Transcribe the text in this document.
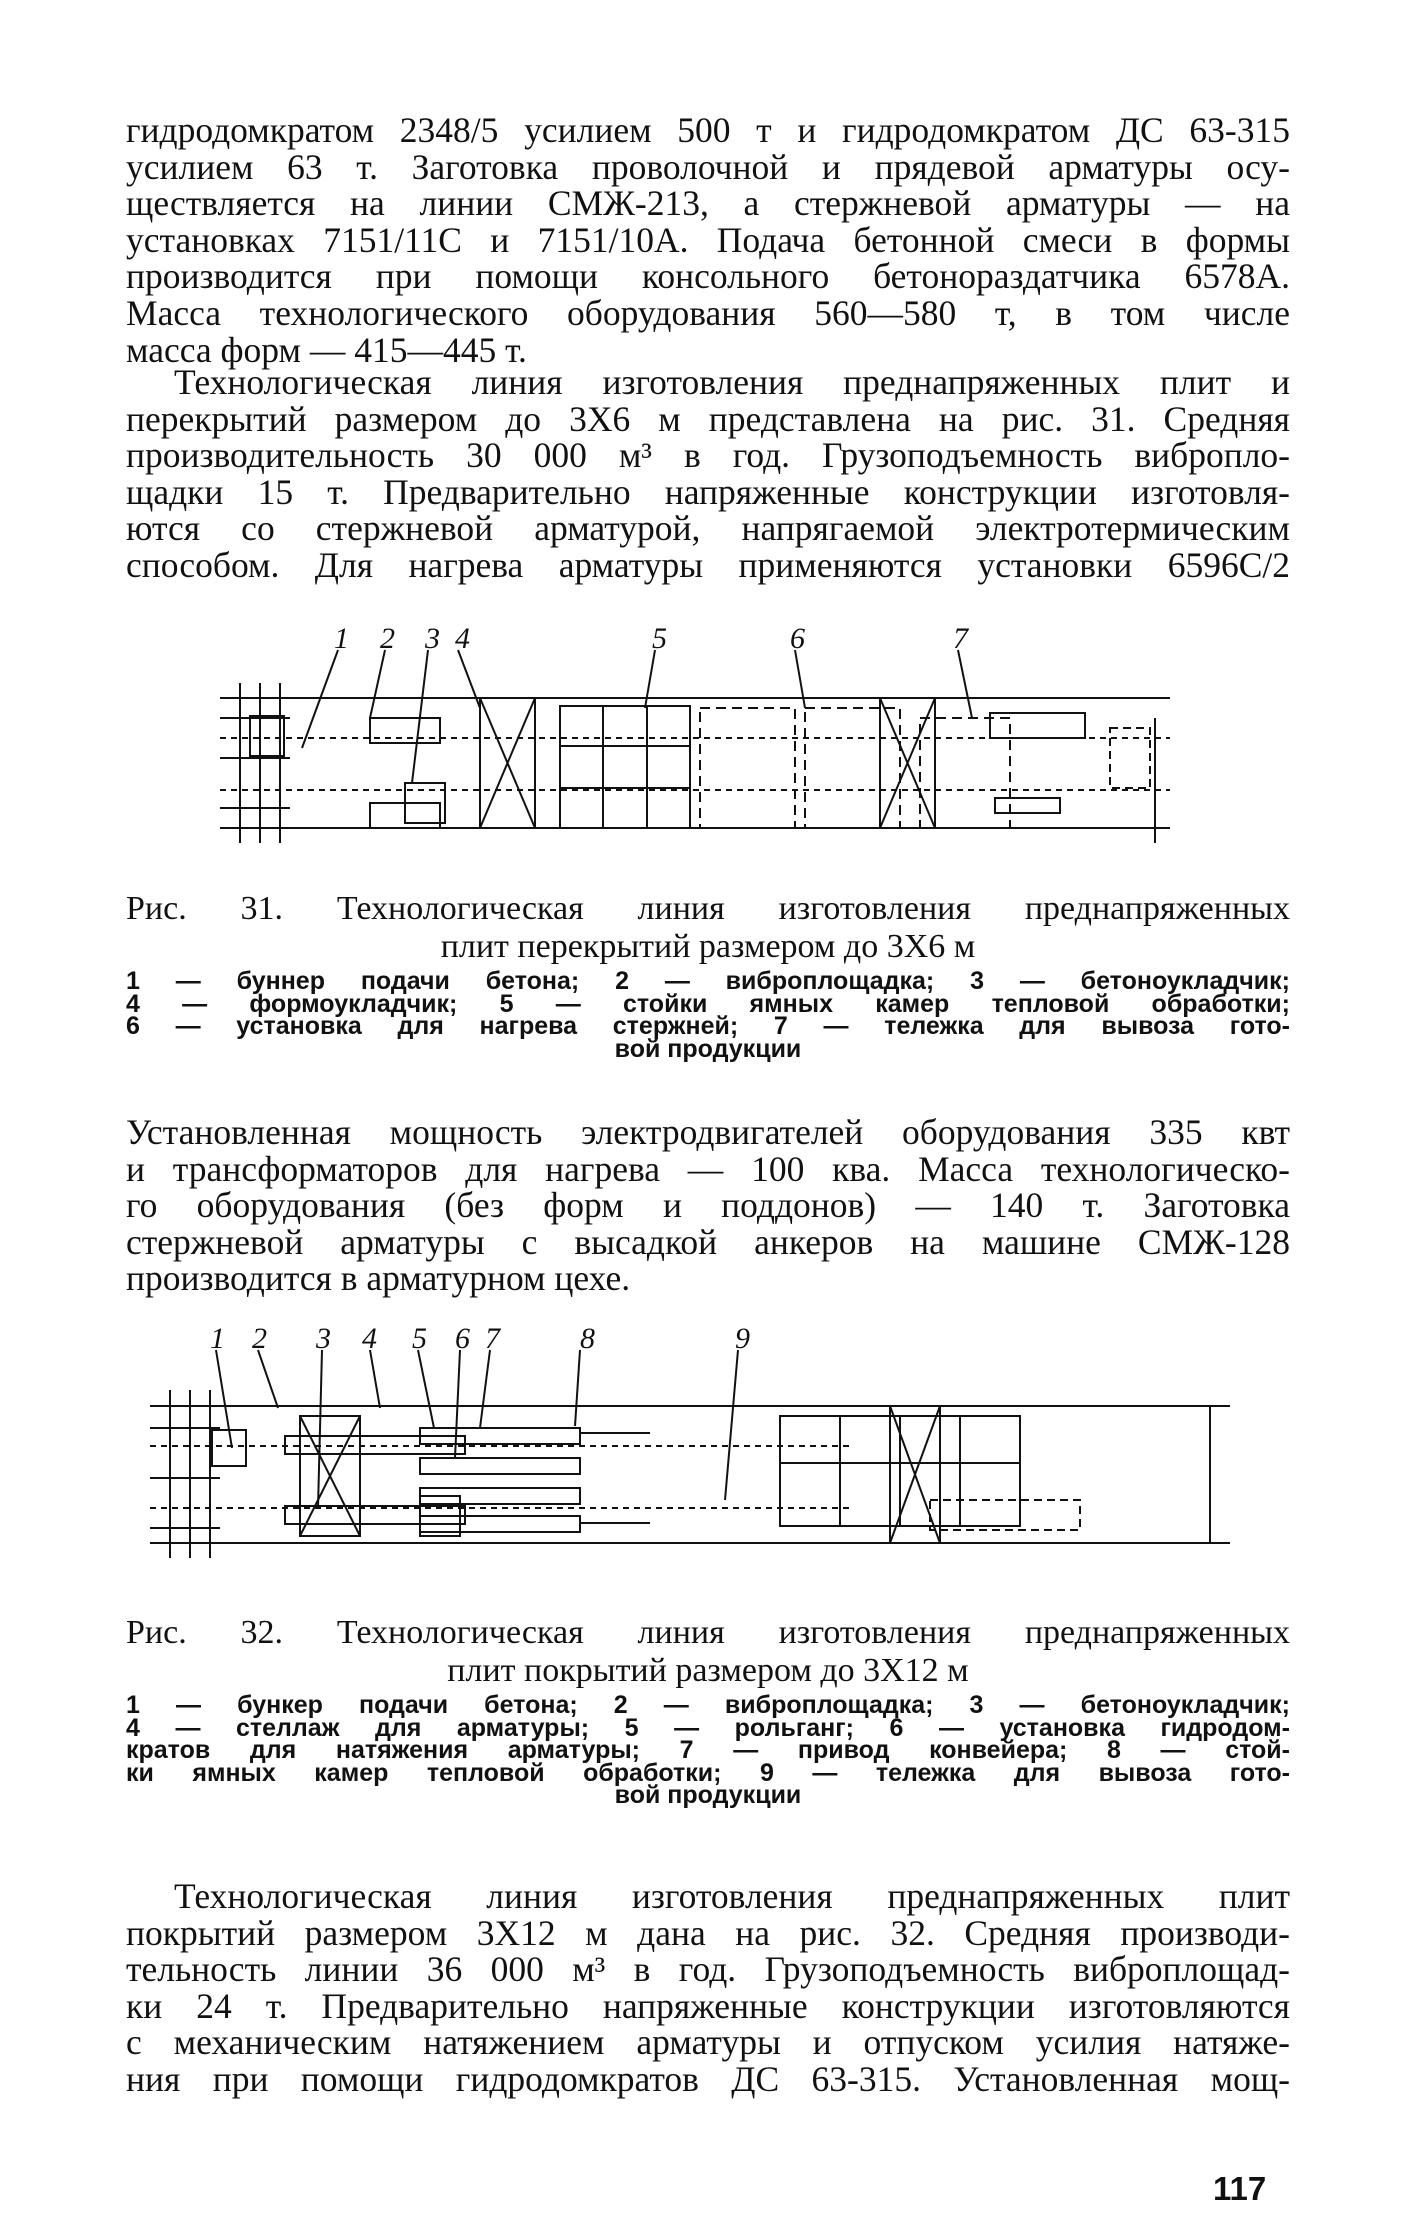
гидродомкратом 2348/5 усилием 500 т и гидродомкратом ДС 63-315
усилием 63 т. Заготовка проволочной и прядевой арматуры осу-
ществляется на линии СМЖ-213, а стержневой арматуры — на
установках 7151/11С и 7151/10А. Подача бетонной смеси в формы
производится при помощи консольного бетонораздатчика 6578А.
Масса технологического оборудования 560—580 т, в том числе
масса форм — 415—445 т.
Технологическая линия изготовления преднапряженных плит и
перекрытий размером до 3Х6 м представлена на рис. 31. Средняя
производительность 30 000 м³ в год. Грузоподъемность виброплo-
щадки 15 т. Предварительно напряженные конструкции изготовля-
ются со стержневой арматурой, напрягаемой электротермическим
способом. Для нагрева арматуры применяются установки 6596С/2
1 2 3 4	5	6	7

Рис. 31. Технологическая линия изготовления преднапряженных
плит перекрытий размером до 3Х6 м

1 — буннер подачи бетона; 2 — виброплощадка; 3 — бетоноукладчик;
4 — формоукладчик; 5 — стойки ямных камер тепловой обработки;
6 — установка для нагрева стержней; 7 — тележка для вывоза гото-
вой продукции
Установленная мощность электродвигателей оборудования 335 квт
и трансформаторов для нагрева — 100 ква. Масса технологическо-
го оборудования (без форм и поддонов) — 140 т. Заготовка
стержневой арматуры с высадкой анкеров на машине СМЖ-128
производится в арматурном цехе.
1 2 3 4 5 6 7	8	9

Рис. 32. Технологическая линия изготовления преднапряженных
плит покрытий размером до 3Х12 м

1 — бункер подачи бетона; 2 — виброплощадка; 3 — бетоноукладчик;
4 — стеллаж для арматуры; 5 — рольганг; 6 — установка гидродом-
кратов для натяжения арматуры; 7 — привод конвейера; 8 — стой-
ки ямных камер тепловой обработки; 9 — тележка для вывоза гото-
вой продукции
Технологическая линия изготовления преднапряженных плит
покрытий размером 3Х12 м дана на рис. 32. Средняя производи-
тельность линии 36 000 м³ в год. Грузоподъемность виброплощад-
ки 24 т. Предварительно напряженные конструкции изготовляются
с механическим натяжением арматуры и отпуском усилия натяже-
ния при помощи гидродомкратов ДС 63-315. Установленная мощ-
117
